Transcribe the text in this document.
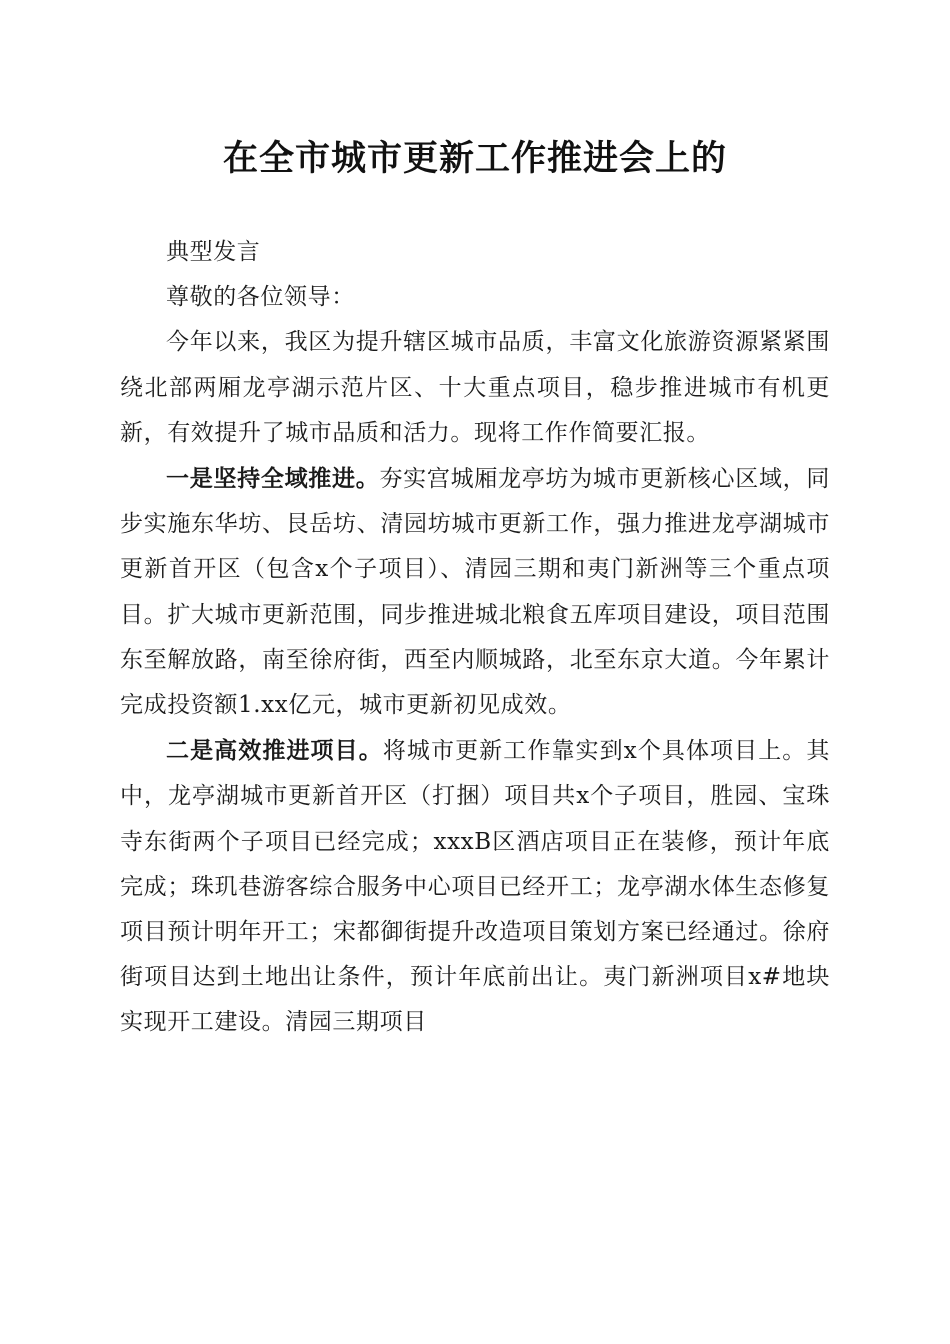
在全市城市更新工作推进会上的

典型发言

尊敬的各位领导：

今年以来，我区为提升辖区城市品质，丰富文化旅游资源紧紧围绕北部两厢龙亭湖示范片区、十大重点项目，稳步推进城市有机更新，有效提升了城市品质和活力。现将工作作简要汇报。

一是坚持全域推进。夯实宫城厢龙亭坊为城市更新核心区域，同步实施东华坊、艮岳坊、清园坊城市更新工作，强力推进龙亭湖城市更新首开区（包含x个子项目）、清园三期和夷门新洲等三个重点项目。扩大城市更新范围，同步推进城北粮食五库项目建设，项目范围东至解放路，南至徐府街，西至内顺城路，北至东京大道。今年累计完成投资额1.xx亿元，城市更新初见成效。

二是高效推进项目。将城市更新工作靠实到x个具体项目上。其中，龙亭湖城市更新首开区（打捆）项目共x个子项目，胜园、宝珠寺东街两个子项目已经完成；xxxB区酒店项目正在装修，预计年底完成；珠玑巷游客综合服务中心项目已经开工；龙亭湖水体生态修复项目预计明年开工；宋都御街提升改造项目策划方案已经通过。徐府街项目达到土地出让条件，预计年底前出让。夷门新洲项目x#地块实现开工建设。清园三期项目
